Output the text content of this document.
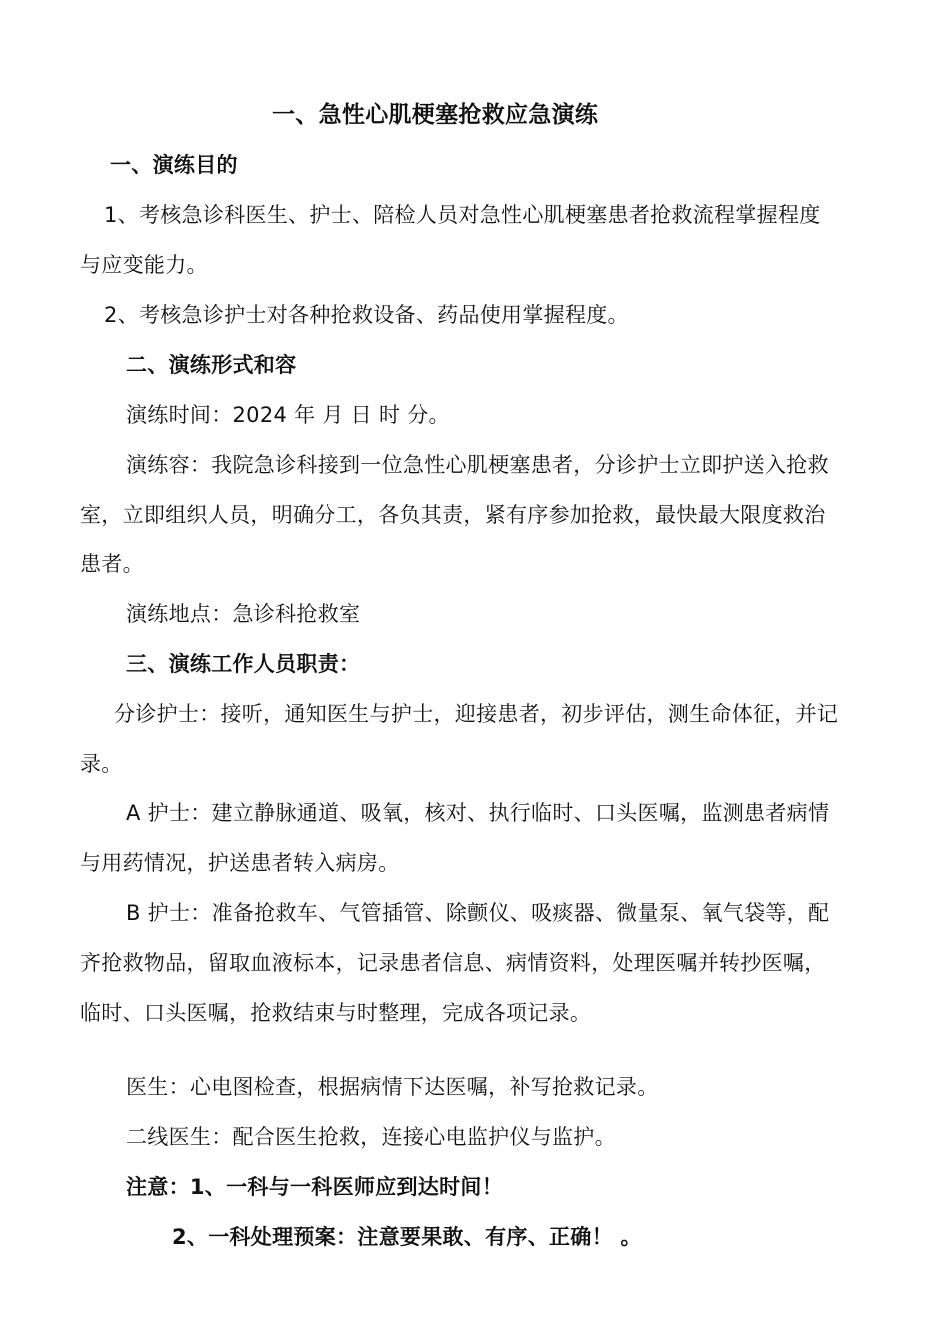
一、急性心肌梗塞抢救应急演练
一、演练目的
1、考核急诊科医生、护士、陪检人员对急性心肌梗塞患者抢救流程掌握程度
与应变能力。
2、考核急诊护士对各种抢救设备、药品使用掌握程度。
二、演练形式和容
演练时间：2024 年 月 日 时 分。
演练容：我院急诊科接到一位急性心肌梗塞患者，分诊护士立即护送入抢救
室，立即组织人员，明确分工，各负其责，紧有序参加抢救，最快最大限度救治
患者。
演练地点：急诊科抢救室
三、演练工作人员职责：
分诊护士：接听，通知医生与护士，迎接患者，初步评估，测生命体征，并记
录。
A 护士：建立静脉通道、吸氧，核对、执行临时、口头医嘱，监测患者病情
与用药情况，护送患者转入病房。
B 护士：准备抢救车、气管插管、除颤仪、吸痰器、微量泵、氧气袋等，配
齐抢救物品，留取血液标本，记录患者信息、病情资料，处理医嘱并转抄医嘱，
临时、口头医嘱，抢救结束与时整理，完成各项记录。
医生：心电图检查，根据病情下达医嘱，补写抢救记录。
二线医生：配合医生抢救，连接心电监护仪与监护。
注意：1、一科与一科医师应到达时间！
2、一科处理预案：注意要果敢、有序、正确！ 。
